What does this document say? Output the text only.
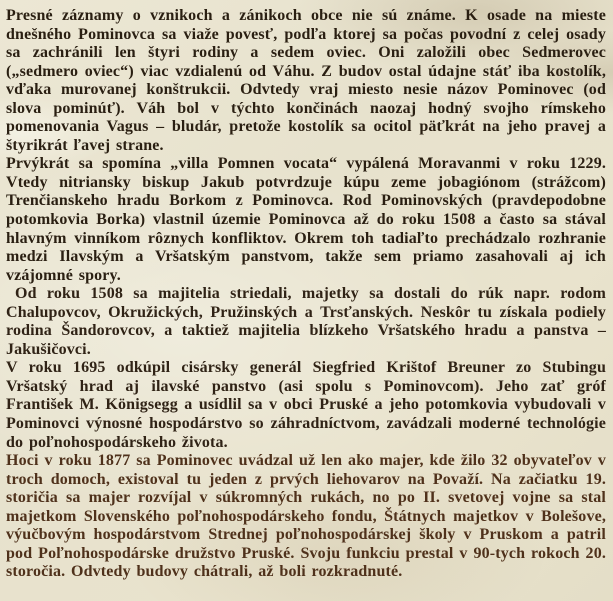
Presné záznamy o vznikoch a zánikoch obce nie sú známe. K osade na mieste dnešného Pominovca sa viaže povesť, podľa ktorej sa počas povodní z celej osady sa zachránili len štyri rodiny a sedem oviec. Oni založili obec Sedmerovec („sedmero oviec“) viac vzdialenú od Váhu. Z budov ostal údajne stáť iba kostolík, vďaka murovanej konštrukcii. Odvtedy vraj miesto nesie názov Pominovec (od slova pominúť). Váh bol v týchto končinách naozaj hodný svojho rímskeho pomenovania Vagus – bludár, pretože kostolík sa ocitol päťkrát na jeho pravej a štyrikrát ľavej strane.

Prvýkrát sa spomína „villa Pomnen vocata“ vypálená Moravanmi v roku 1229. Vtedy nitriansky biskup Jakub potvrdzuje kúpu zeme jobagiónom (strážcom) Trenčianskeho hradu Borkom z Pominovca. Rod Pominovských (pravdepodobne potomkovia Borka) vlastnil územie Pominovca až do roku 1508 a často sa stával hlavným vinníkom rôznych konfliktov. Okrem toh tadiaľto prechádzalo rozhranie medzi Ilavským a Vršatským panstvom, takže sem priamo zasahovali aj ich vzájomné spory.

Od roku 1508 sa majitelia striedali, majetky sa dostali do rúk napr. rodom Chalupovcov, Okružických, Pružinských a Trsťanských. Neskôr tu získala podiely rodina Šandorovcov, a taktiež majitelia blízkeho Vršatského hradu a panstva – Jakušičovci.

V roku 1695 odkúpil cisársky generál Siegfried Krištof Breuner zo Stubingu Vršatský hrad aj ilavské panstvo (asi spolu s Pominovcom). Jeho zať gróf František M. Königsegg a usídlil sa v obci Pruské a jeho potomkovia vybudovali v Pominovci výnosné hospodárstvo so záhradníctvom, zavádzali moderné technológie do poľnohospodárskeho života.

Hoci v roku 1877 sa Pominovec uvádzal už len ako majer, kde žilo 32 obyvateľov v troch domoch, existoval tu jeden z prvých liehovarov na Považí. Na začiatku 19. storičia sa majer rozvíjal v súkromných rukách, no po II. svetovej vojne sa stal majetkom Slovenského poľnohospodárskeho fondu, Štátnych majetkov v Bolešove, výučbovým hospodárstvom Strednej poľnohospodárskej školy v Pruskom a patril pod Poľnohospodárske družstvo Pruské. Svoju funkciu prestal v 90-tych rokoch 20. storočia. Odvtedy budovy chátrali, až boli rozkradnuté.
